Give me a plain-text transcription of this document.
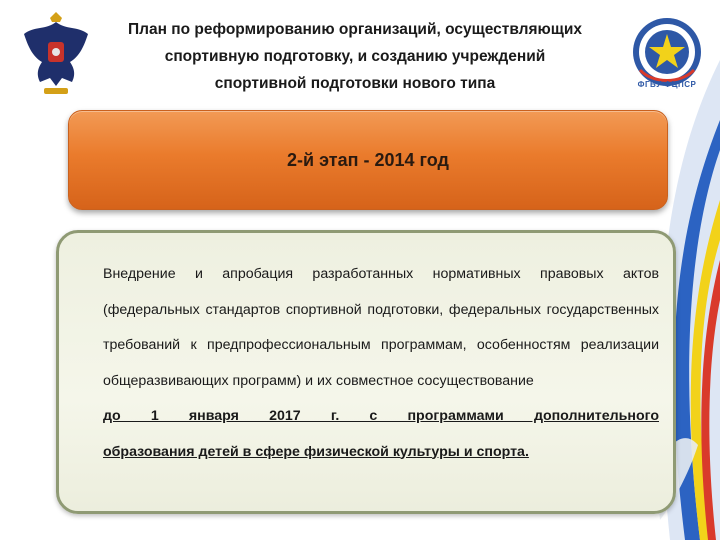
ФГБУ ФЦПСР
План по реформированию организаций, осуществляющих спортивную подготовку, и созданию учреждений спортивной подготовки нового типа
2-й этап - 2014 год
Внедрение и апробация разработанных нормативных правовых актов (федеральных стандартов спортивной подготовки, федеральных государственных требований к предпрофессиональным программам, особенностям реализации общеразвивающих программ) и их совместное сосуществование
до 1 января 2017 г. с программами дополнительного
образования детей в сфере физической культуры и спорта.
